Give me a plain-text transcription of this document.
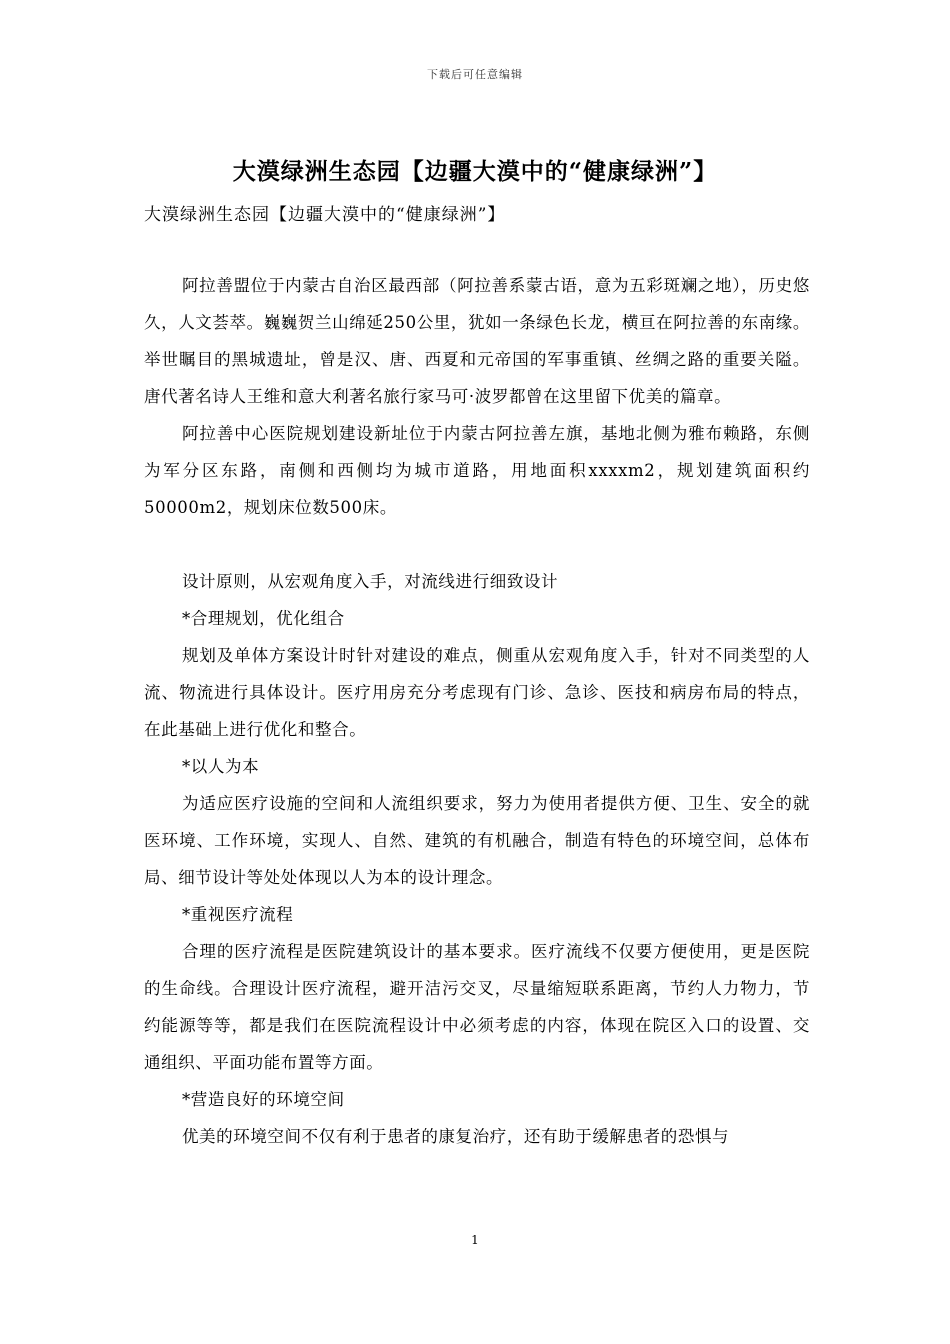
下载后可任意编辑
大漠绿洲生态园【边疆大漠中的“健康绿洲”】
大漠绿洲生态园【边疆大漠中的“健康绿洲”】

阿拉善盟位于内蒙古自治区最西部（阿拉善系蒙古语，意为五彩斑斓之地），历史悠久，人文荟萃。巍巍贺兰山绵延250公里，犹如一条绿色长龙，横亘在阿拉善的东南缘。举世瞩目的黑城遗址，曾是汉、唐、西夏和元帝国的军事重镇、丝绸之路的重要关隘。唐代著名诗人王维和意大利著名旅行家马可·波罗都曾在这里留下优美的篇章。

阿拉善中心医院规划建设新址位于内蒙古阿拉善左旗，基地北侧为雅布赖路，东侧为军分区东路，南侧和西侧均为城市道路，用地面积xxxxm2，规划建筑面积约50000m2，规划床位数500床。

设计原则，从宏观角度入手，对流线进行细致设计

*合理规划，优化组合

规划及单体方案设计时针对建设的难点，侧重从宏观角度入手，针对不同类型的人流、物流进行具体设计。医疗用房充分考虑现有门诊、急诊、医技和病房布局的特点，在此基础上进行优化和整合。

*以人为本

为适应医疗设施的空间和人流组织要求，努力为使用者提供方便、卫生、安全的就医环境、工作环境，实现人、自然、建筑的有机融合，制造有特色的环境空间，总体布局、细节设计等处处体现以人为本的设计理念。

*重视医疗流程

合理的医疗流程是医院建筑设计的基本要求。医疗流线不仅要方便使用，更是医院的生命线。合理设计医疗流程，避开洁污交叉，尽量缩短联系距离，节约人力物力，节约能源等等，都是我们在医院流程设计中必须考虑的内容，体现在院区入口的设置、交通组织、平面功能布置等方面。

*营造良好的环境空间

优美的环境空间不仅有利于患者的康复治疗，还有助于缓解患者的恐惧与

1
